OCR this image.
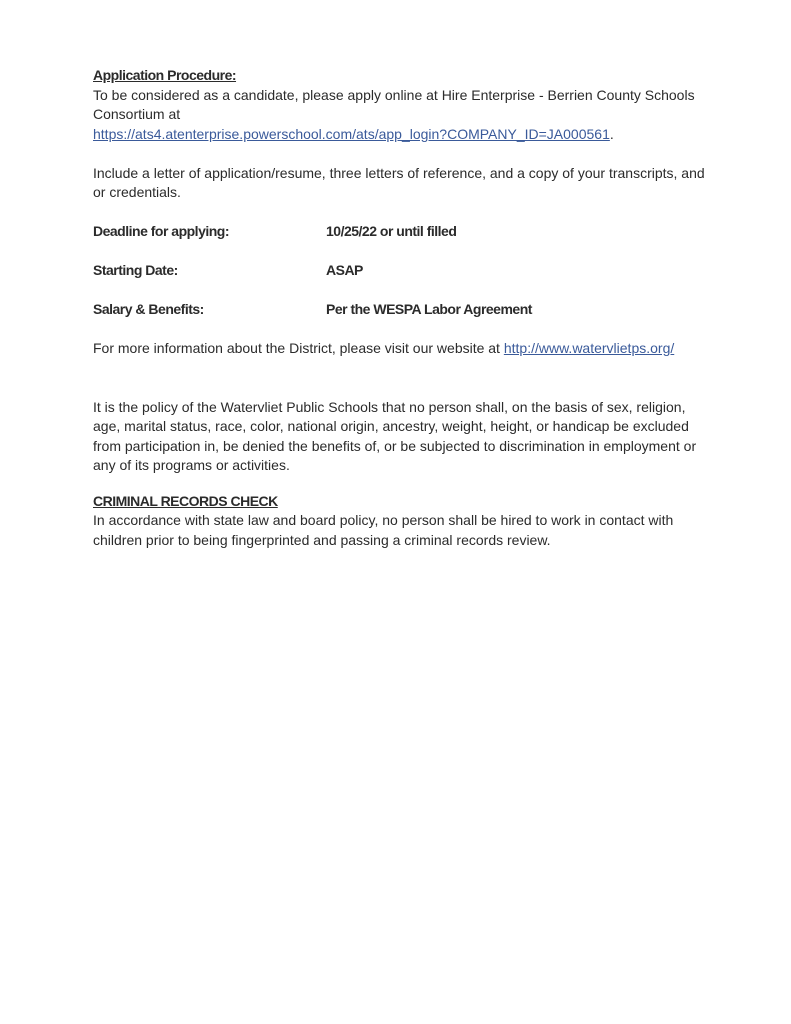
Application Procedure:

To be considered as a candidate, please apply online at Hire Enterprise - Berrien County Schools Consortium at

https://ats4.atenterprise.powerschool.com/ats/app_login?COMPANY_ID=JA000561.

Include a letter of application/resume, three letters of reference, and a copy of your transcripts, and or credentials.

Deadline for applying:	10/25/22 or until filled
Starting Date:	ASAP
Salary & Benefits:	Per the WESPA Labor Agreement

For more information about the District, please visit our website at http://www.watervlietps.org/

It is the policy of the Watervliet Public Schools that no person shall, on the basis of sex, religion, age, marital status, race, color, national origin, ancestry, weight, height, or handicap be excluded from participation in, be denied the benefits of, or be subjected to discrimination in employment or any of its programs or activities.

CRIMINAL RECORDS CHECK

In accordance with state law and board policy, no person shall be hired to work in contact with children prior to being fingerprinted and passing a criminal records review.
